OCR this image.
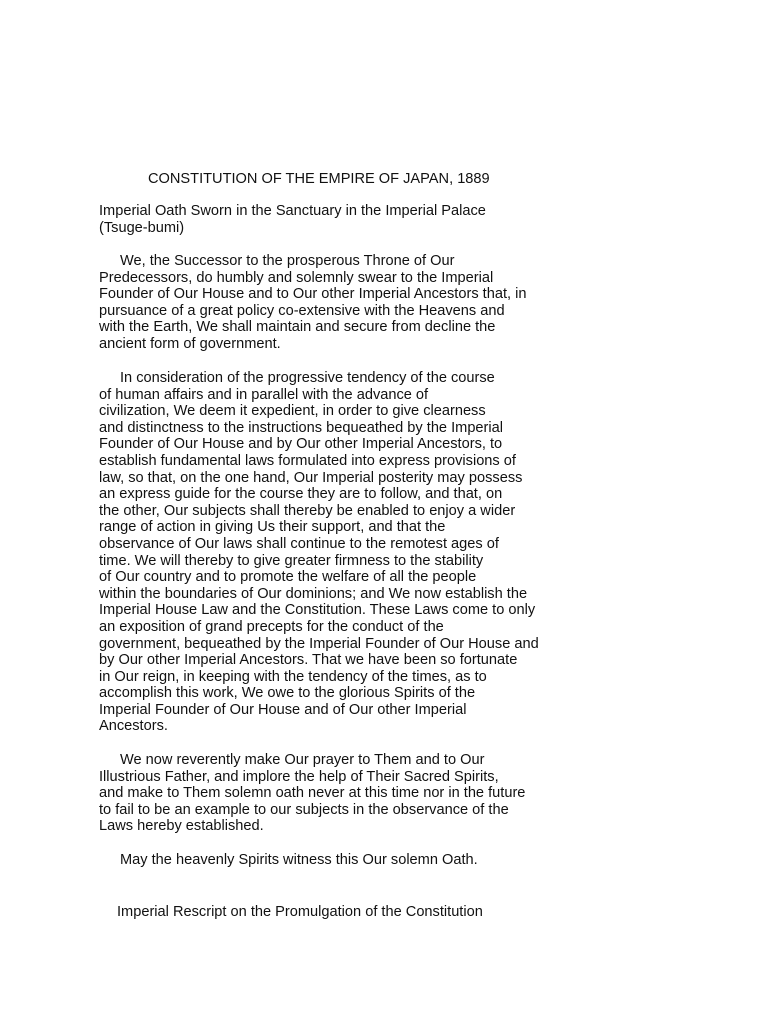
CONSTITUTION OF THE EMPIRE OF JAPAN, 1889
Imperial Oath Sworn in the Sanctuary in the Imperial Palace
(Tsuge-bumi)
We, the Successor to the prosperous Throne of Our
Predecessors, do humbly and solemnly swear to the Imperial
Founder of Our House and to Our other Imperial Ancestors that, in
pursuance of a great policy co-extensive with the Heavens and
with the Earth, We shall maintain and secure from decline the
ancient form of government.
In consideration of the progressive tendency of the course
of human affairs and in parallel with the advance of
civilization, We deem it expedient, in order to give clearness
and distinctness to the instructions bequeathed by the Imperial
Founder of Our House and by Our other Imperial Ancestors, to
establish fundamental laws formulated into express provisions of
law, so that, on the one hand, Our Imperial posterity may possess
an express guide for the course they are to follow, and that, on
the other, Our subjects shall thereby be enabled to enjoy a wider
range of action in giving Us their support, and that the
observance of Our laws shall continue to the remotest ages of
time. We will thereby to give greater firmness to the stability
of Our country and to promote the welfare of all the people
within the boundaries of Our dominions; and We now establish the
Imperial House Law and the Constitution. These Laws come to only
an exposition of grand precepts for the conduct of the
government, bequeathed by the Imperial Founder of Our House and
by Our other Imperial Ancestors. That we have been so fortunate
in Our reign, in keeping with the tendency of the times, as to
accomplish this work, We owe to the glorious Spirits of the
Imperial Founder of Our House and of Our other Imperial
Ancestors.
We now reverently make Our prayer to Them and to Our
Illustrious Father, and implore the help of Their Sacred Spirits,
and make to Them solemn oath never at this time nor in the future
to fail to be an example to our subjects in the observance of the
Laws hereby established.
May the heavenly Spirits witness this Our solemn Oath.
Imperial Rescript on the Promulgation of the Constitution
